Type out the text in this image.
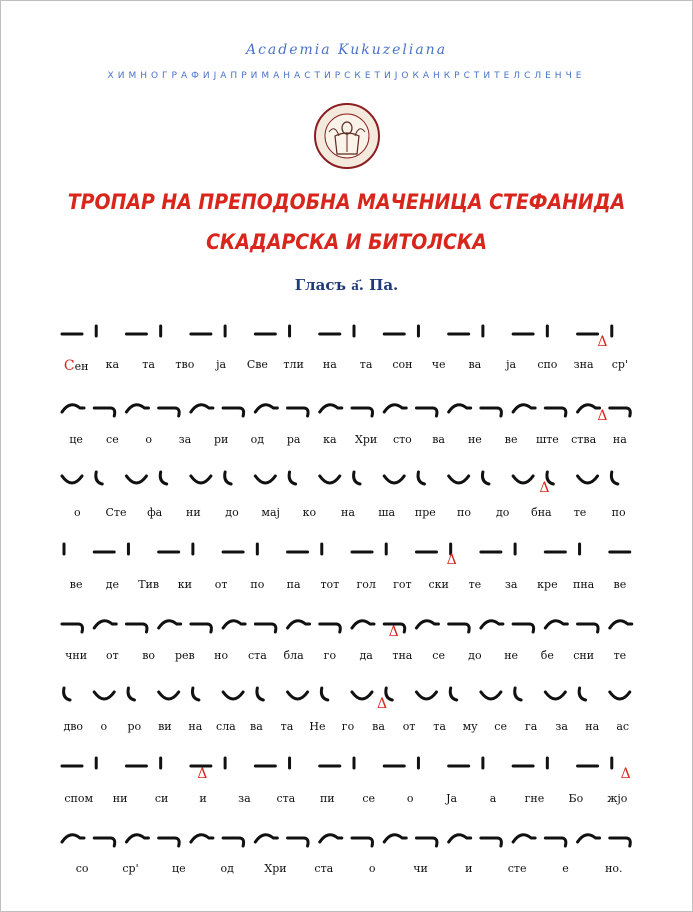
Academia Kukuzeliana
ХИМНОГРАФИЈАПРИМАНАСТИРСКЕТИЈОКАНКРСТИТЕЛСЛЕНЧЕ
ТРОПАР НА ПРЕПОДОБНА МАЧЕНИЦА СТЕФАНИДА
СКАДАРСКА И БИТОЛСКА
Гласъ а҃. Па.
Δ
Сен ка та тво ја Све тли на та сон че ва ја спо зна ср'
Δ
це се о за ри од ра ка Хри сто ва не ве ште ства на
Δ
о Сте фа ни до мај ко на ша пре по до бна те по
Δ
ве де Тив ки от по па тот гол гот ски те за кре пна ве
Δ
чни от во рев но ста бла го да тна се до не бе сни те
Δ
дво о ро ви на сла ва та Не го ва от та му се га за на ас
Δ	Δ
спом ни си	и	за ста пи	се	о	Ја	а	гне Бо жјо
со	ср'	це	од	Хри	ста	о	чи	и	сте	е	но.
